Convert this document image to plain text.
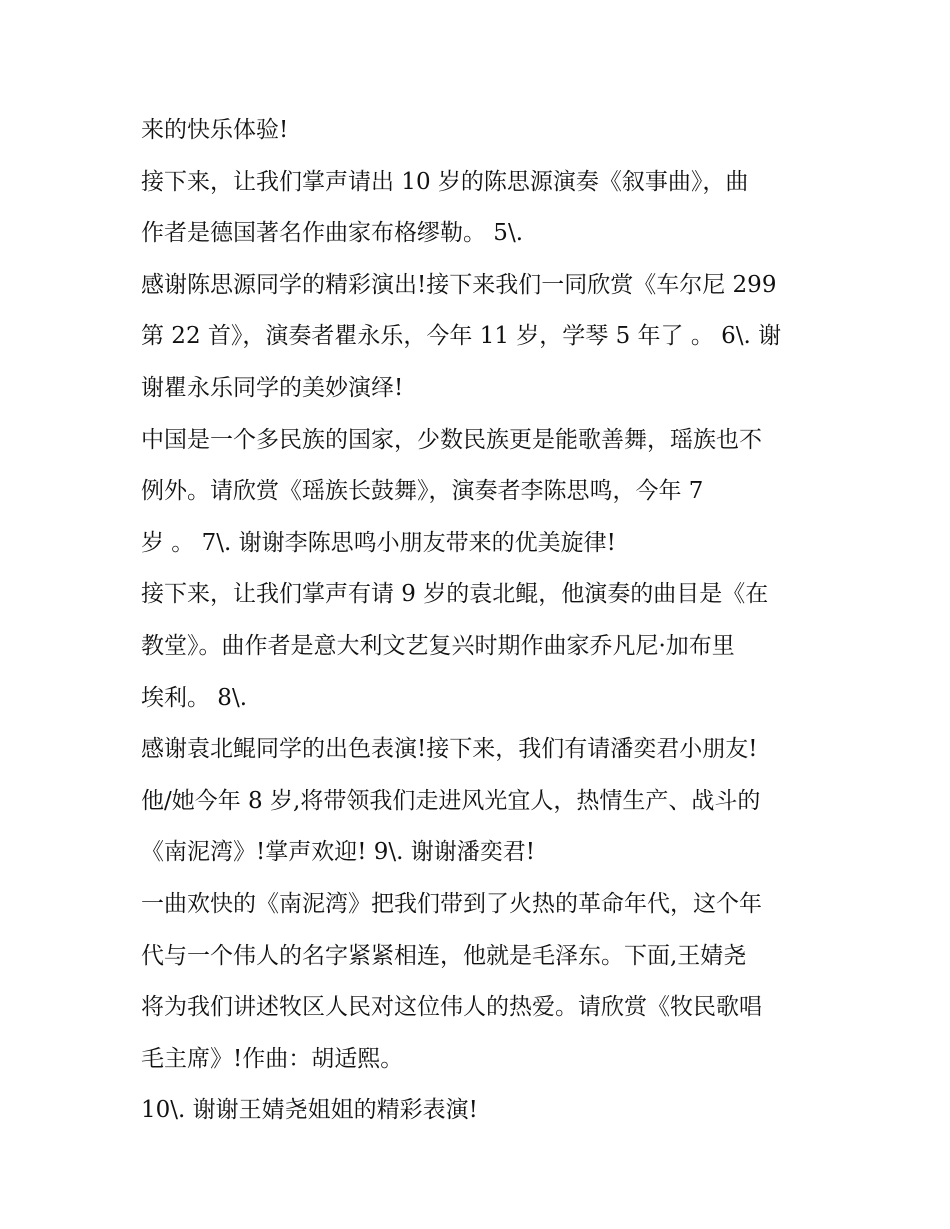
来的快乐体验!
接下来，让我们掌声请出 10 岁的陈思源演奏《叙事曲》，曲
作者是德国著名作曲家布格缪勒。 5\.
感谢陈思源同学的精彩演出!接下来我们一同欣赏《车尔尼 299
第 22 首》，演奏者瞿永乐，今年 11 岁，学琴 5 年了 。 6\. 谢
谢瞿永乐同学的美妙演绎!
中国是一个多民族的国家，少数民族更是能歌善舞，瑶族也不
例外。请欣赏《瑶族长鼓舞》，演奏者李陈思鸣，今年 7
岁 。 7\. 谢谢李陈思鸣小朋友带来的优美旋律!
接下来，让我们掌声有请 9 岁的袁北鲲，他演奏的曲目是《在
教堂》。曲作者是意大利文艺复兴时期作曲家乔凡尼·加布里
埃利。 8\.
感谢袁北鲲同学的出色表演!接下来，我们有请潘奕君小朋友!
他/她今年 8 岁,将带领我们走进风光宜人，热情生产、战斗的
《南泥湾》!掌声欢迎! 9\. 谢谢潘奕君!
一曲欢快的《南泥湾》把我们带到了火热的革命年代，这个年
代与一个伟人的名字紧紧相连，他就是毛泽东。下面,王婧尧
将为我们讲述牧区人民对这位伟人的热爱。请欣赏《牧民歌唱
毛主席》!作曲：胡适熙。
10\. 谢谢王婧尧姐姐的精彩表演!
